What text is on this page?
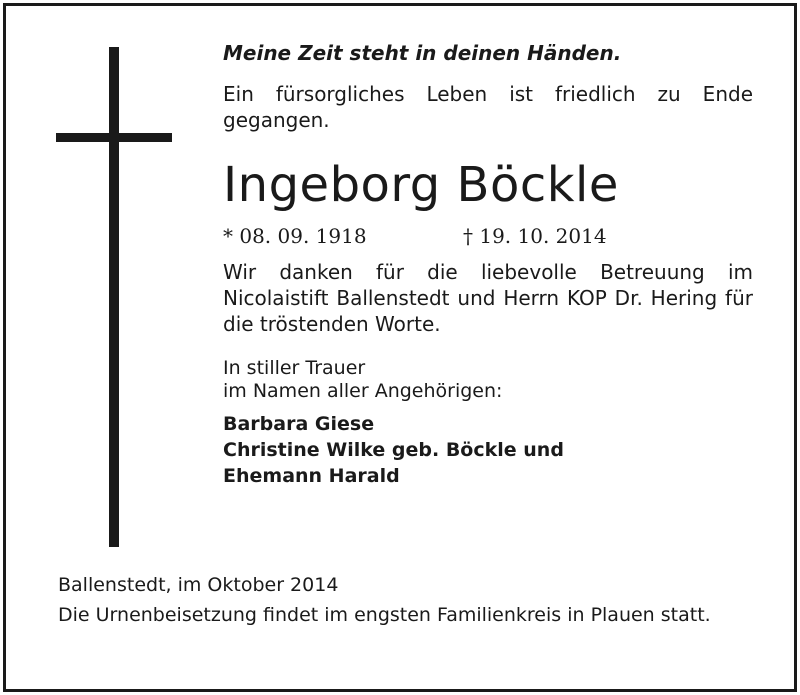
Meine Zeit steht in deinen Händen.
Ein fürsorgliches Leben ist friedlich zu Ende gegangen.
Ingeborg Böckle
* 08. 09. 1918	† 19. 10. 2014
Wir danken für die liebevolle Betreuung im Nicolaistift Ballenstedt und Herrn KOP Dr. Hering für die tröstenden Worte.
In stiller Trauer
im Namen aller Angehörigen:
Barbara Giese
Christine Wilke geb. Böckle und
Ehemann Harald
Ballenstedt, im Oktober 2014
Die Urnenbeisetzung findet im engsten Familienkreis in Plauen statt.
